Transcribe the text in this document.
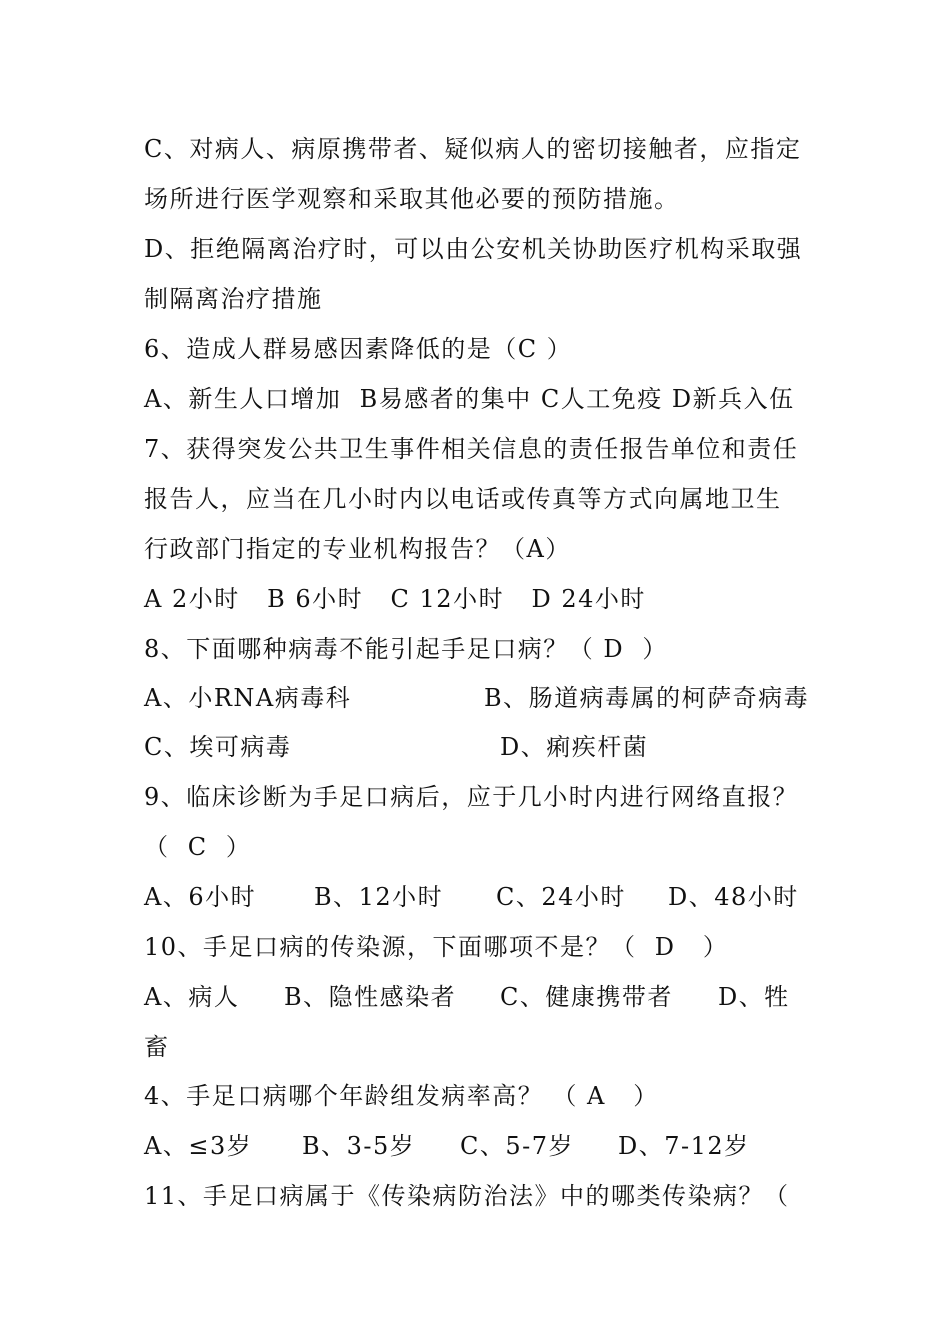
C、对病人、病原携带者、疑似病人的密切接触者，应指定
场所进行医学观察和采取其他必要的预防措施。
D、拒绝隔离治疗时，可以由公安机关协助医疗机构采取强
制隔离治疗措施
6、造成人群易感因素降低的是（C ）
A、新生人口增加  B易感者的集中 C人工免疫 D新兵入伍
7、获得突发公共卫生事件相关信息的责任报告单位和责任
报告人，应当在几小时内以电话或传真等方式向属地卫生
行政部门指定的专业机构报告？（A）
A 2小时   B 6小时   C 12小时   D 24小时
8、下面哪种病毒不能引起手足口病？（ D  ）
A、小RNA病毒科	B、肠道病毒属的柯萨奇病毒
C、埃可病毒	D、痢疾杆菌
9、临床诊断为手足口病后，应于几小时内进行网络直报？
（  C  ）
A、6小时 B、12小时 C、24小时 D、48小时
10、手足口病的传染源，下面哪项不是？（  D   ）
A、病人 B、隐性感染者 C、健康携带者 D、牲
畜
4、手足口病哪个年龄组发病率高？ （ A   ）
A、≤3岁 B、3-5岁 C、5-7岁 D、7-12岁
11、手足口病属于《传染病防治法》中的哪类传染病？（
